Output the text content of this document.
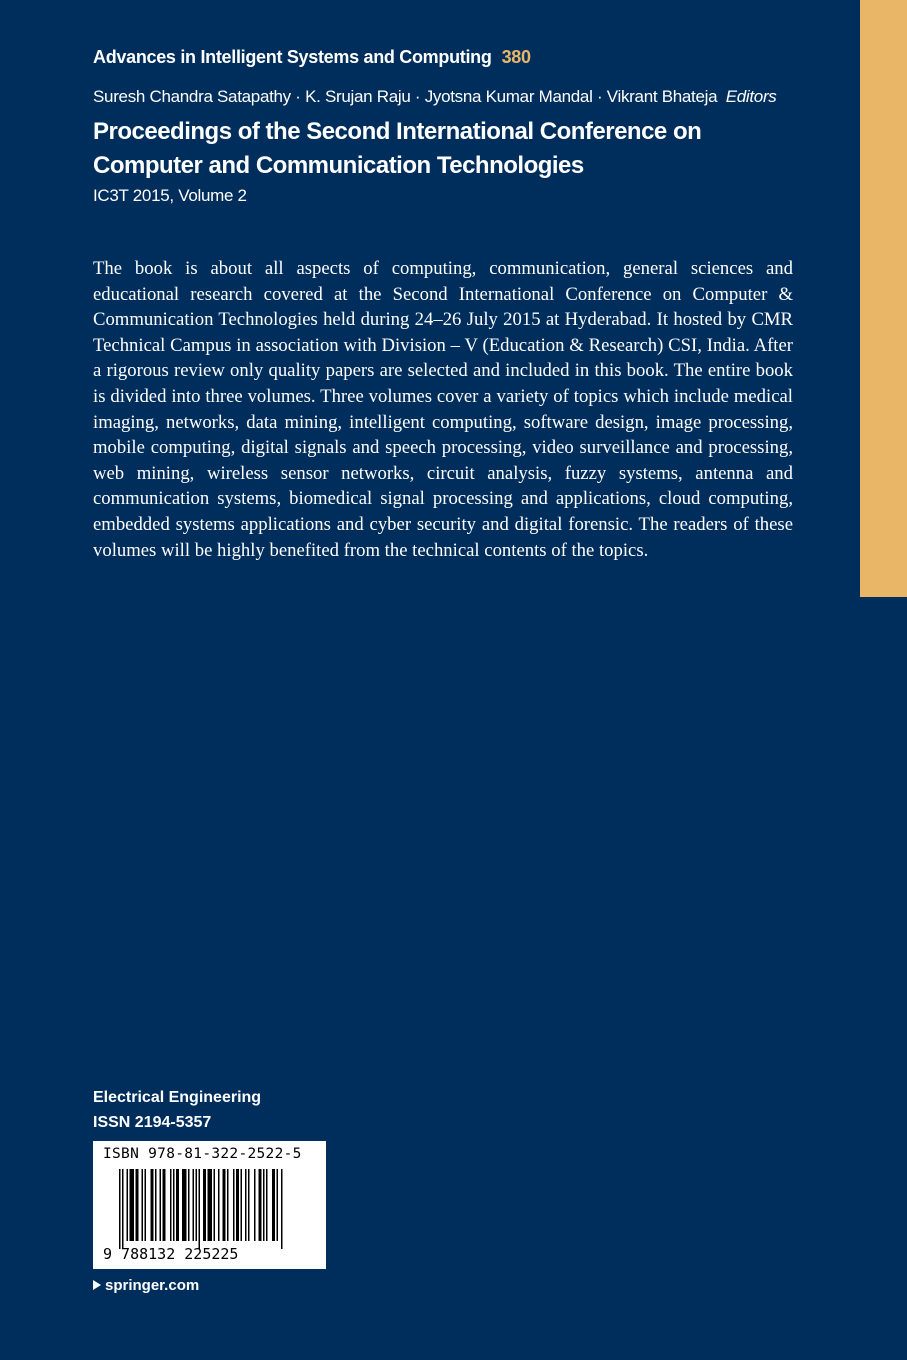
Advances in Intelligent Systems and Computing 380
Suresh Chandra Satapathy · K. Srujan Raju · Jyotsna Kumar Mandal · Vikrant Bhateja Editors
Proceedings of the Second International Conference on Computer and Communication Technologies
IC3T 2015, Volume 2

The book is about all aspects of computing, communication, general sciences and educational research covered at the Second International Conference on Computer & Communication Technologies held during 24–26 July 2015 at Hyderabad. It hosted by CMR Technical Campus in association with Division – V (Education & Research) CSI, India. After a rigorous review only quality papers are selected and included in this book. The entire book is divided into three volumes. Three volumes cover a variety of topics which include medical imaging, networks, data mining, intelligent computing, software design, image processing, mobile computing, digital signals and speech processing, video surveillance and processing, web mining, wireless sensor networks, circuit analysis, fuzzy systems, antenna and communication systems, biomedical signal processing and applications, cloud computing, embedded systems applications and cyber security and digital forensic. The readers of these volumes will be highly benefited from the technical contents of the topics.

Electrical Engineering
ISSN 2194-5357
ISBN 978-81-322-2522-5
9 788132 225225
springer.com
